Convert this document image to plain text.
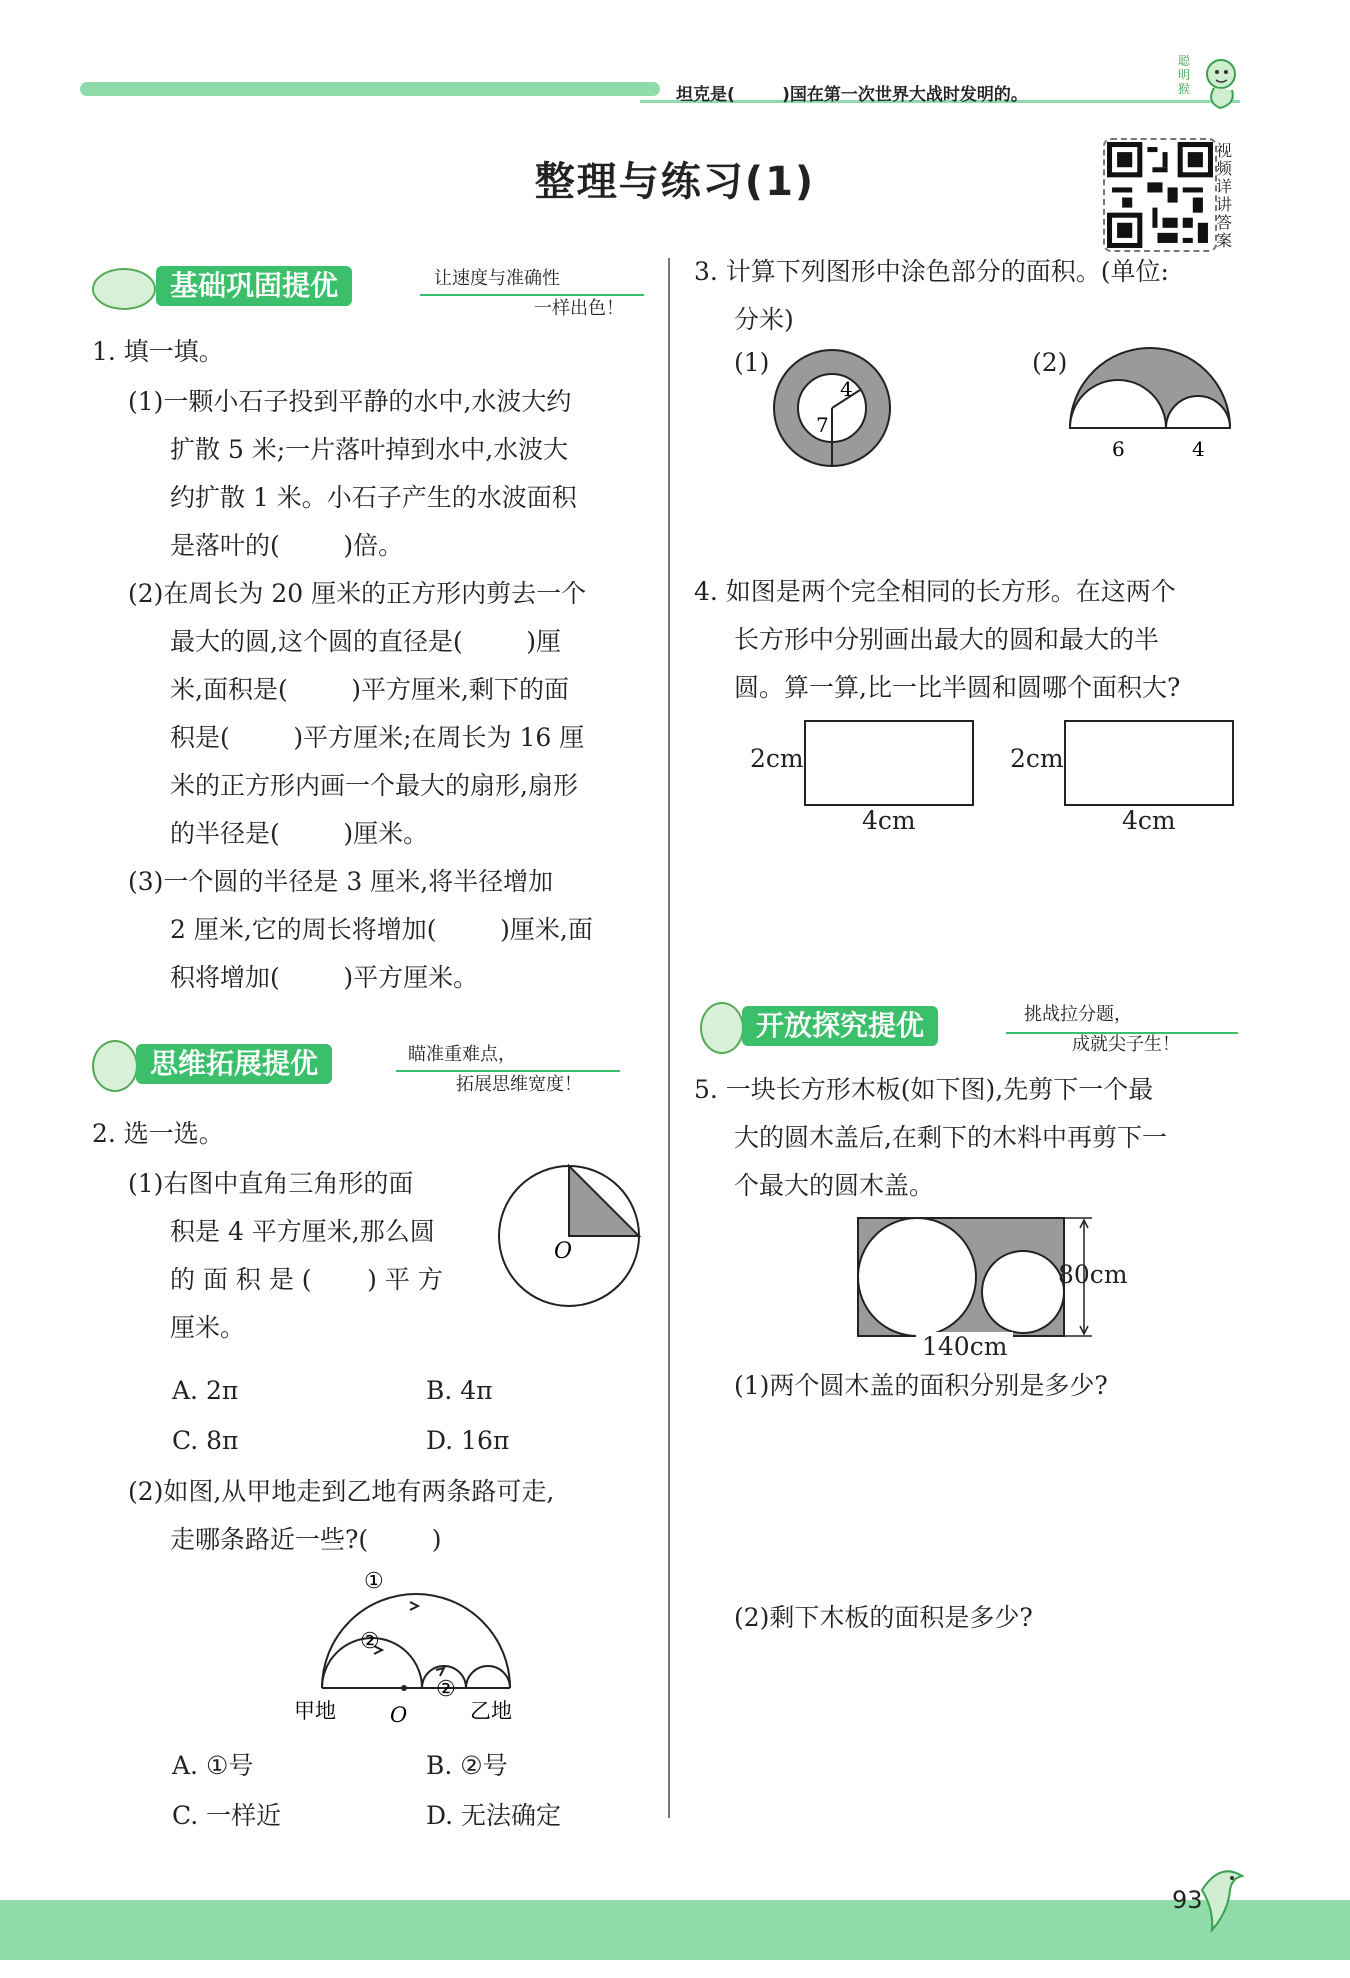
坦克是(        )国在第一次世界大战时发明的。
聪明猴
整理与练习(1)
视频详讲答案
基础巩固提优	让速度与准确性
一样出色！
1. 填一填。
(1)一颗小石子投到平静的水中,水波大约
扩散 5 米;一片落叶掉到水中,水波大
约扩散 1 米。小石子产生的水波面积
是落叶的(        )倍。
(2)在周长为 20 厘米的正方形内剪去一个
最大的圆,这个圆的直径是(        )厘
米,面积是(        )平方厘米,剩下的面
积是(        )平方厘米;在周长为 16 厘
米的正方形内画一个最大的扇形,扇形
的半径是(        )厘米。
(3)一个圆的半径是 3 厘米,将半径增加
2 厘米,它的周长将增加(        )厘米,面
积将增加(        )平方厘米。
思维拓展提优	瞄准重难点，
拓展思维宽度！
2. 选一选。
(1)右图中直角三角形的面
积是 4 平方厘米,那么圆
的 面 积 是 (       ) 平 方
厘米。
O
A. 2π	B. 4π
C. 8π	D. 16π
(2)如图,从甲地走到乙地有两条路可走,
走哪条路近一些?(        )
①
②
②
甲地	O	乙地
A. ①号	B. ②号
C. 一样近	D. 无法确定
3. 计算下列图形中涂色部分的面积。(单位:
分米)
(1)
4
7
(2)
6	4
4. 如图是两个完全相同的长方形。在这两个
长方形中分别画出最大的圆和最大的半
圆。算一算,比一比半圆和圆哪个面积大?
2cm
4cm
2cm
4cm
开放探究提优	挑战拉分题，
成就尖子生！
5. 一块长方形木板(如下图),先剪下一个最
大的圆木盖后,在剩下的木料中再剪下一
个最大的圆木盖。
80cm
140cm
(1)两个圆木盖的面积分别是多少?
(2)剩下木板的面积是多少?
93
